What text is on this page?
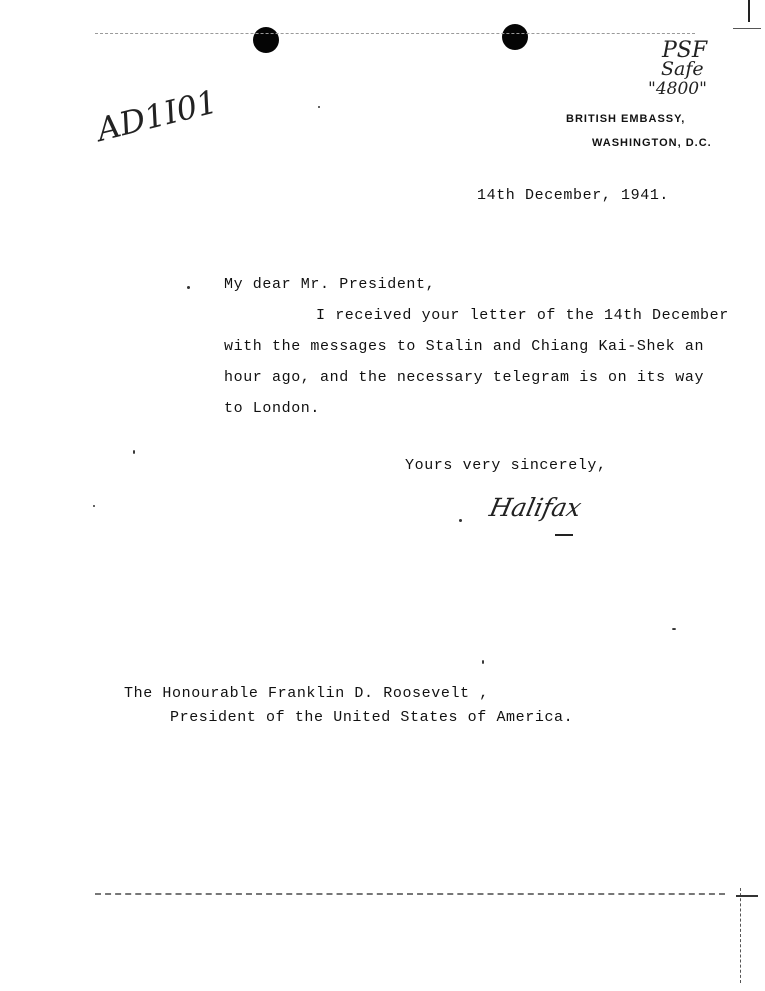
AD1I01
PSF
Safe
"4800"
BRITISH EMBASSY,
WASHINGTON, D.C.
14th December, 1941.
My dear Mr. President,
I received your letter of the 14th December
with the messages to Stalin and Chiang Kai-Shek an
hour ago, and the necessary telegram is on its way
to London.
Yours very sincerely,
Halifax
The Honourable Franklin D. Roosevelt ,
President of the United States of America.
